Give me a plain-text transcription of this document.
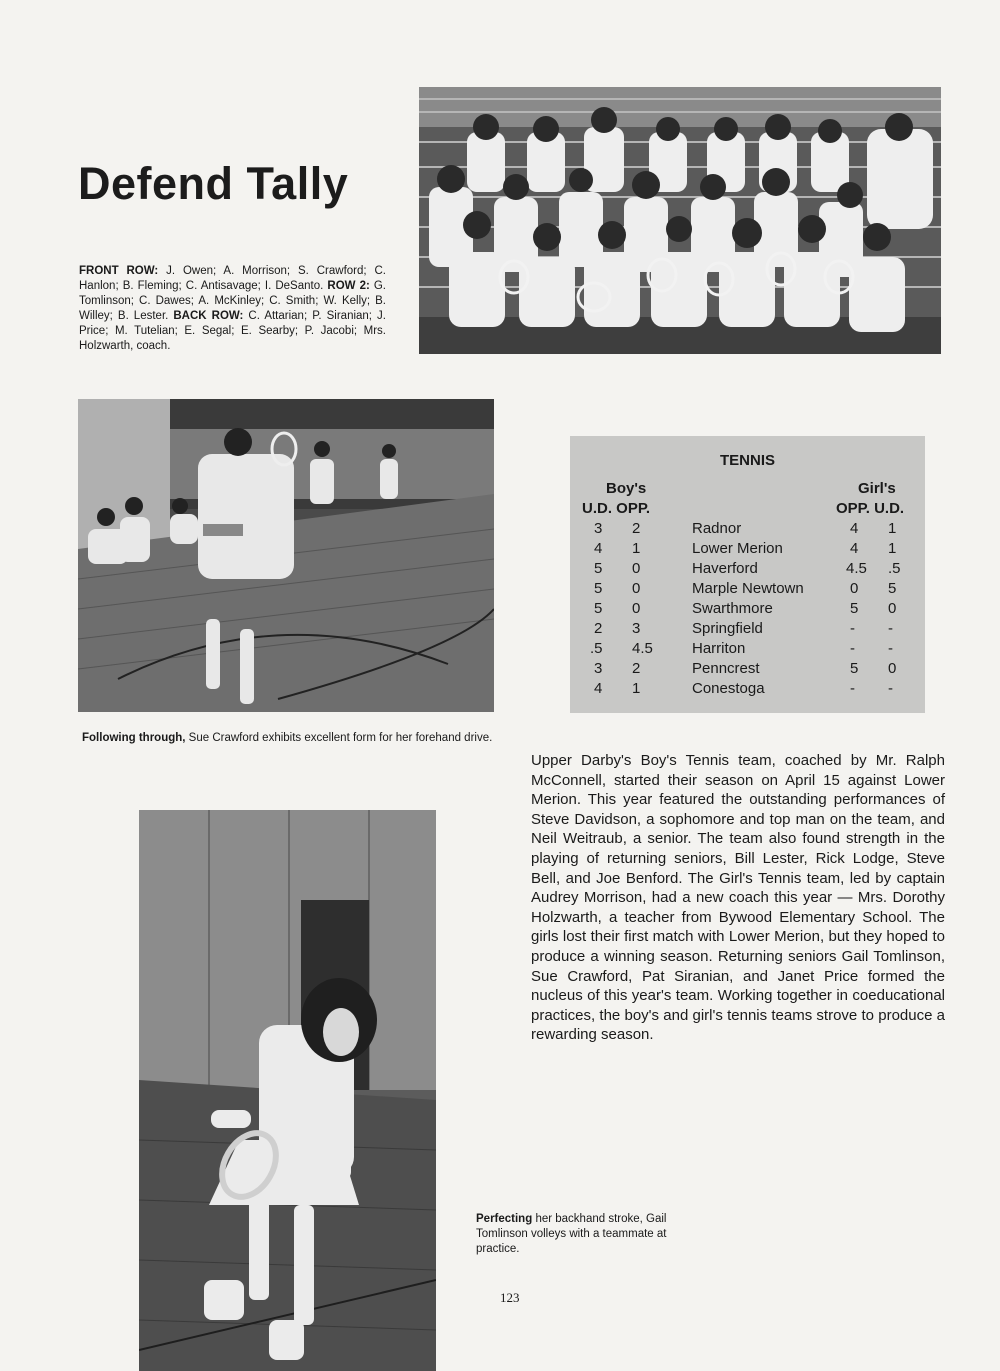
Defend Tally
FRONT ROW: J. Owen; A. Morrison; S. Crawford; C. Hanlon; B. Fleming; C. Antisavage; I. DeSanto. ROW 2: G. Tomlinson; C. Dawes; A. McKinley; C. Smith; W. Kelly; B. Willey; B. Lester. BACK ROW: C. Attarian; P. Siranian; J. Price; M. Tutelian; E. Segal; E. Searby; P. Jacobi; Mrs. Holzwarth, coach.
Following through, Sue Crawford exhibits excellent form for her forehand drive.
TENNIS
Boy's
U.D. OPP.
Girl's
OPP. U.D.
3 2	Radnor	4 1
4 1	Lower Merion	4 1
5 0	Haverford	4.5 .5
5 0	Marple Newtown	0 5
5 0	Swarthmore	5 0
2 3	Springfield	- -
.5 4.5	Harriton	- -
3 2	Penncrest	5 0
4 1	Conestoga	- -
Upper Darby's Boy's Tennis team, coached by Mr. Ralph McConnell, started their season on April 15 against Lower Merion. This year featured the outstanding performances of Steve Davidson, a sophomore and top man on the team, and Neil Weitraub, a senior. The team also found strength in the playing of returning seniors, Bill Lester, Rick Lodge, Steve Bell, and Joe Benford. The Girl's Tennis team, led by captain Audrey Morrison, had a new coach this year — Mrs. Dorothy Holzwarth, a teacher from Bywood Elementary School. The girls lost their first match with Lower Merion, but they hoped to produce a winning season. Returning seniors Gail Tomlinson, Sue Crawford, Pat Siranian, and Janet Price formed the nucleus of this year's team. Working together in coeducational practices, the boy's and girl's tennis teams strove to produce a rewarding season.
Perfecting her backhand stroke, Gail Tomlinson volleys with a teammate at practice.
123
